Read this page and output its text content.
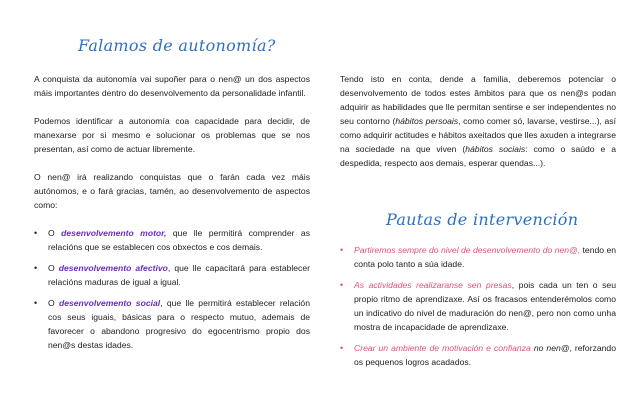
Falamos de autonomía?

A conquista da autonomía vai supoñer para o nen@ un dos aspectos máis importantes dentro do desenvolvemento da personalidade infantil.

Podemos identificar a autonomía coa capacidade para decidir, de manexarse por si mesmo e solucionar os problemas que se nos presentan, así como de actuar libremente.

O nen@ irá realizando conquistas que o farán cada vez máis autónomos, e o fará gracias, tamén, ao desenvolvemento de aspectos como:

• O desenvolvemento motor, que lle permitirá comprender as relacións que se establecen cos obxectos e cos demais.
• O desenvolvemento afectivo, que lle capacitará para establecer relacións maduras de igual a igual.
• O desenvolvemento social, que lle permitirá establecer relación cos seus iguais, básicas para o respecto mutuo, ademais de favorecer o abandono progresivo do egocentrismo propio dos nen@s destas idades.

Tendo isto en conta, dende a familia, deberemos potenciar o desenvolvemento de todos estes âmbitos para que os nen@s podan adquirir as habilidades que lle permitan sentirse e ser independentes no seu contorno (hábitos persoais, como comer só, lavarse, vestirse...), así como adquirir actitudes e hábitos axeitados que lles axuden a integrarse na sociedade na que viven (hábitos sociais: como o saúdo e a despedida, respecto aos demais, esperar quendas...).

Pautas de intervención
• Partiremos sempre do nivel de desenvolvemento do nen@, tendo en conta polo tanto a súa idade.
• As actividades realizaranse sen presas, pois cada un ten o seu propio ritmo de aprendizaxe. Así os fracasos entenderémolos como un indicativo do nivel de maduración do nen@, pero non como unha mostra de incapacidade de aprendizaxe.
• Crear un ambiente de motivación e confianza no nen@, reforzando os pequenos logros acadados.
